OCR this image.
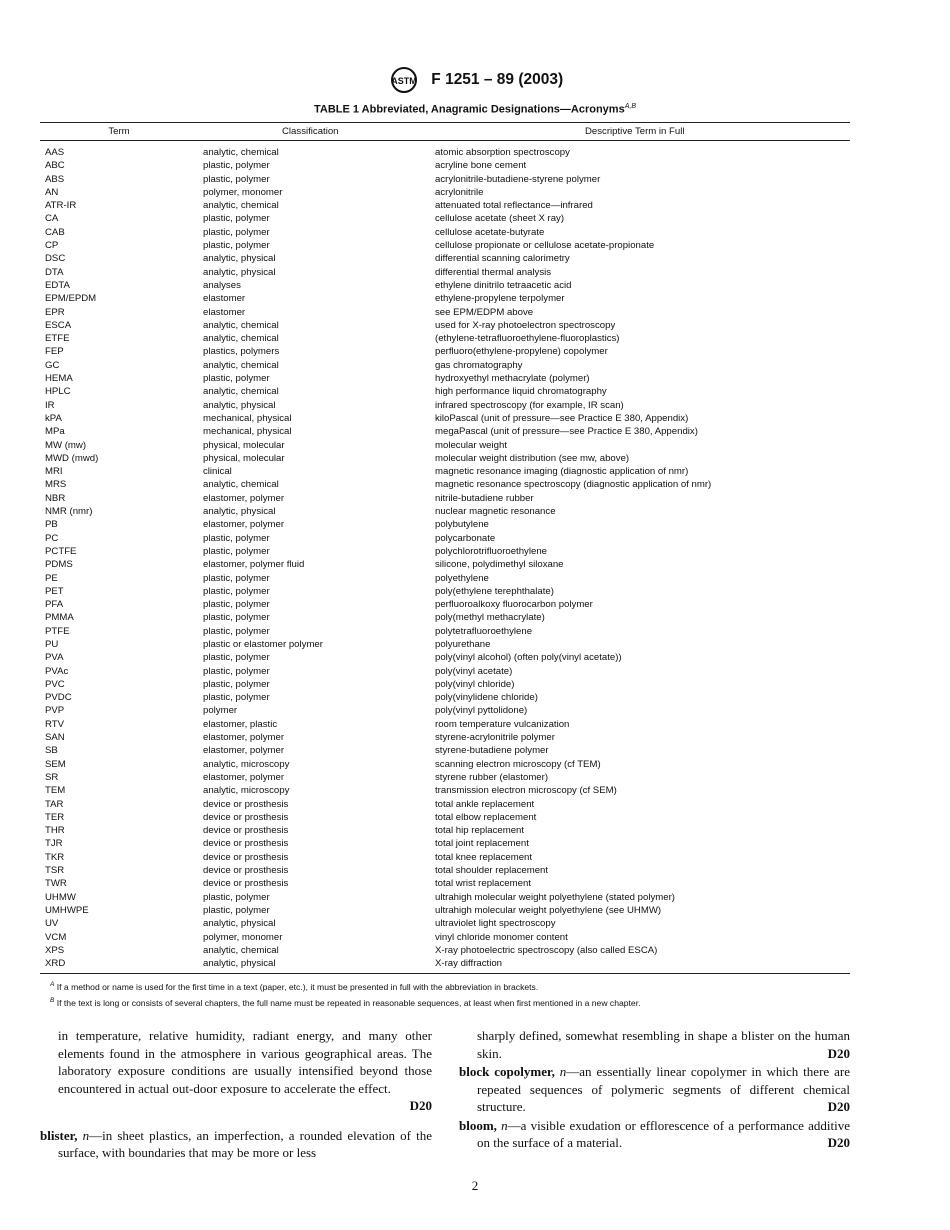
ASTM F 1251 – 89 (2003)
TABLE 1 Abbreviated, Anagramic Designations—Acronyms$^{A,B}$
Term	Classification	Descriptive Term in Full
AAS	analytic, chemical	atomic absorption spectroscopy
ABC	plastic, polymer	acryline bone cement
ABS	plastic, polymer	acrylonitrile-butadiene-styrene polymer
AN	polymer, monomer	acrylonitrile
ATR-IR	analytic, chemical	attenuated total reflectance—infrared
CA	plastic, polymer	cellulose acetate (sheet X ray)
CAB	plastic, polymer	cellulose acetate-butyrate
CP	plastic, polymer	cellulose propionate or cellulose acetate-propionate
DSC	analytic, physical	differential scanning calorimetry
DTA	analytic, physical	differential thermal analysis
EDTA	analyses	ethylene dinitrilo tetraacetic acid
EPM/EPDM	elastomer	ethylene-propylene terpolymer
EPR	elastomer	see EPM/EDPM above
ESCA	analytic, chemical	used for X-ray photoelectron spectroscopy
ETFE	analytic, chemical	(ethylene-tetrafluoroethylene-fluoroplastics)
FEP	plastics, polymers	perfluoro(ethylene-propylene) copolymer
GC	analytic, chemical	gas chromatography
HEMA	plastic, polymer	hydroxyethyl methacrylate (polymer)
HPLC	analytic, chemical	high performance liquid chromatography
IR	analytic, physical	infrared spectroscopy (for example, IR scan)
kPA	mechanical, physical	kiloPascal (unit of pressure—see Practice E 380, Appendix)
MPa	mechanical, physical	megaPascal (unit of pressure—see Practice E 380, Appendix)
MW (mw)	physical, molecular	molecular weight
MWD (mwd)	physical, molecular	molecular weight distribution (see mw, above)
MRI	clinical	magnetic resonance imaging (diagnostic application of nmr)
MRS	analytic, chemical	magnetic resonance spectroscopy (diagnostic application of nmr)
NBR	elastomer, polymer	nitrile-butadiene rubber
NMR (nmr)	analytic, physical	nuclear magnetic resonance
PB	elastomer, polymer	polybutylene
PC	plastic, polymer	polycarbonate
PCTFE	plastic, polymer	polychlorotrifluoroethylene
PDMS	elastomer, polymer fluid	silicone, polydimethyl siloxane
PE	plastic, polymer	polyethylene
PET	plastic, polymer	poly(ethylene terephthalate)
PFA	plastic, polymer	perfluoroalkoxy fluorocarbon polymer
PMMA	plastic, polymer	poly(methyl methacrylate)
PTFE	plastic, polymer	polytetrafluoroethylene
PU	plastic or elastomer polymer	polyurethane
PVA	plastic, polymer	poly(vinyl alcohol) (often poly(vinyl acetate))
PVAc	plastic, polymer	poly(vinyl acetate)
PVC	plastic, polymer	poly(vinyl chloride)
PVDC	plastic, polymer	poly(vinylidene chloride)
PVP	polymer	poly(vinyl pyttolidone)
RTV	elastomer, plastic	room temperature vulcanization
SAN	elastomer, polymer	styrene-acrylonitrile polymer
SB	elastomer, polymer	styrene-butadiene polymer
SEM	analytic, microscopy	scanning electron microscopy (cf TEM)
SR	elastomer, polymer	styrene rubber (elastomer)
TEM	analytic, microscopy	transmission electron microscopy (cf SEM)
TAR	device or prosthesis	total ankle replacement
TER	device or prosthesis	total elbow replacement
THR	device or prosthesis	total hip replacement
TJR	device or prosthesis	total joint replacement
TKR	device or prosthesis	total knee replacement
TSR	device or prosthesis	total shoulder replacement
TWR	device or prosthesis	total wrist replacement
UHMW	plastic, polymer	ultrahigh molecular weight polyethylene (stated polymer)
UMHWPE	plastic, polymer	ultrahigh molecular weight polyethylene (see UHMW)
UV	analytic, physical	ultraviolet light spectroscopy
VCM	polymer, monomer	vinyl chloride monomer content
XPS	analytic, chemical	X-ray photoelectric spectroscopy (also called ESCA)
XRD	analytic, physical	X-ray diffraction
$^A$ If a method or name is used for the first time in a text (paper, etc.), it must be presented in full with the abbreviation in brackets.
$^B$ If the text is long or consists of several chapters, the full name must be repeated in reasonable sequences, at least when first mentioned in a new chapter.

in temperature, relative humidity, radiant energy, and many other elements found in the atmosphere in various geographical areas. The laboratory exposure conditions are usually intensified beyond those encountered in actual out-door exposure to accelerate the effect.

D20

blister, n—in sheet plastics, an imperfection, a rounded elevation of the surface, with boundaries that may be more or less

sharply defined, somewhat resembling in shape a blister on the human skin.	D20

block copolymer, n—an essentially linear copolymer in which there are repeated sequences of polymeric segments of different chemical structure.	D20

bloom, n—a visible exudation or efflorescence of a performance additive on the surface of a material.	D20

2
